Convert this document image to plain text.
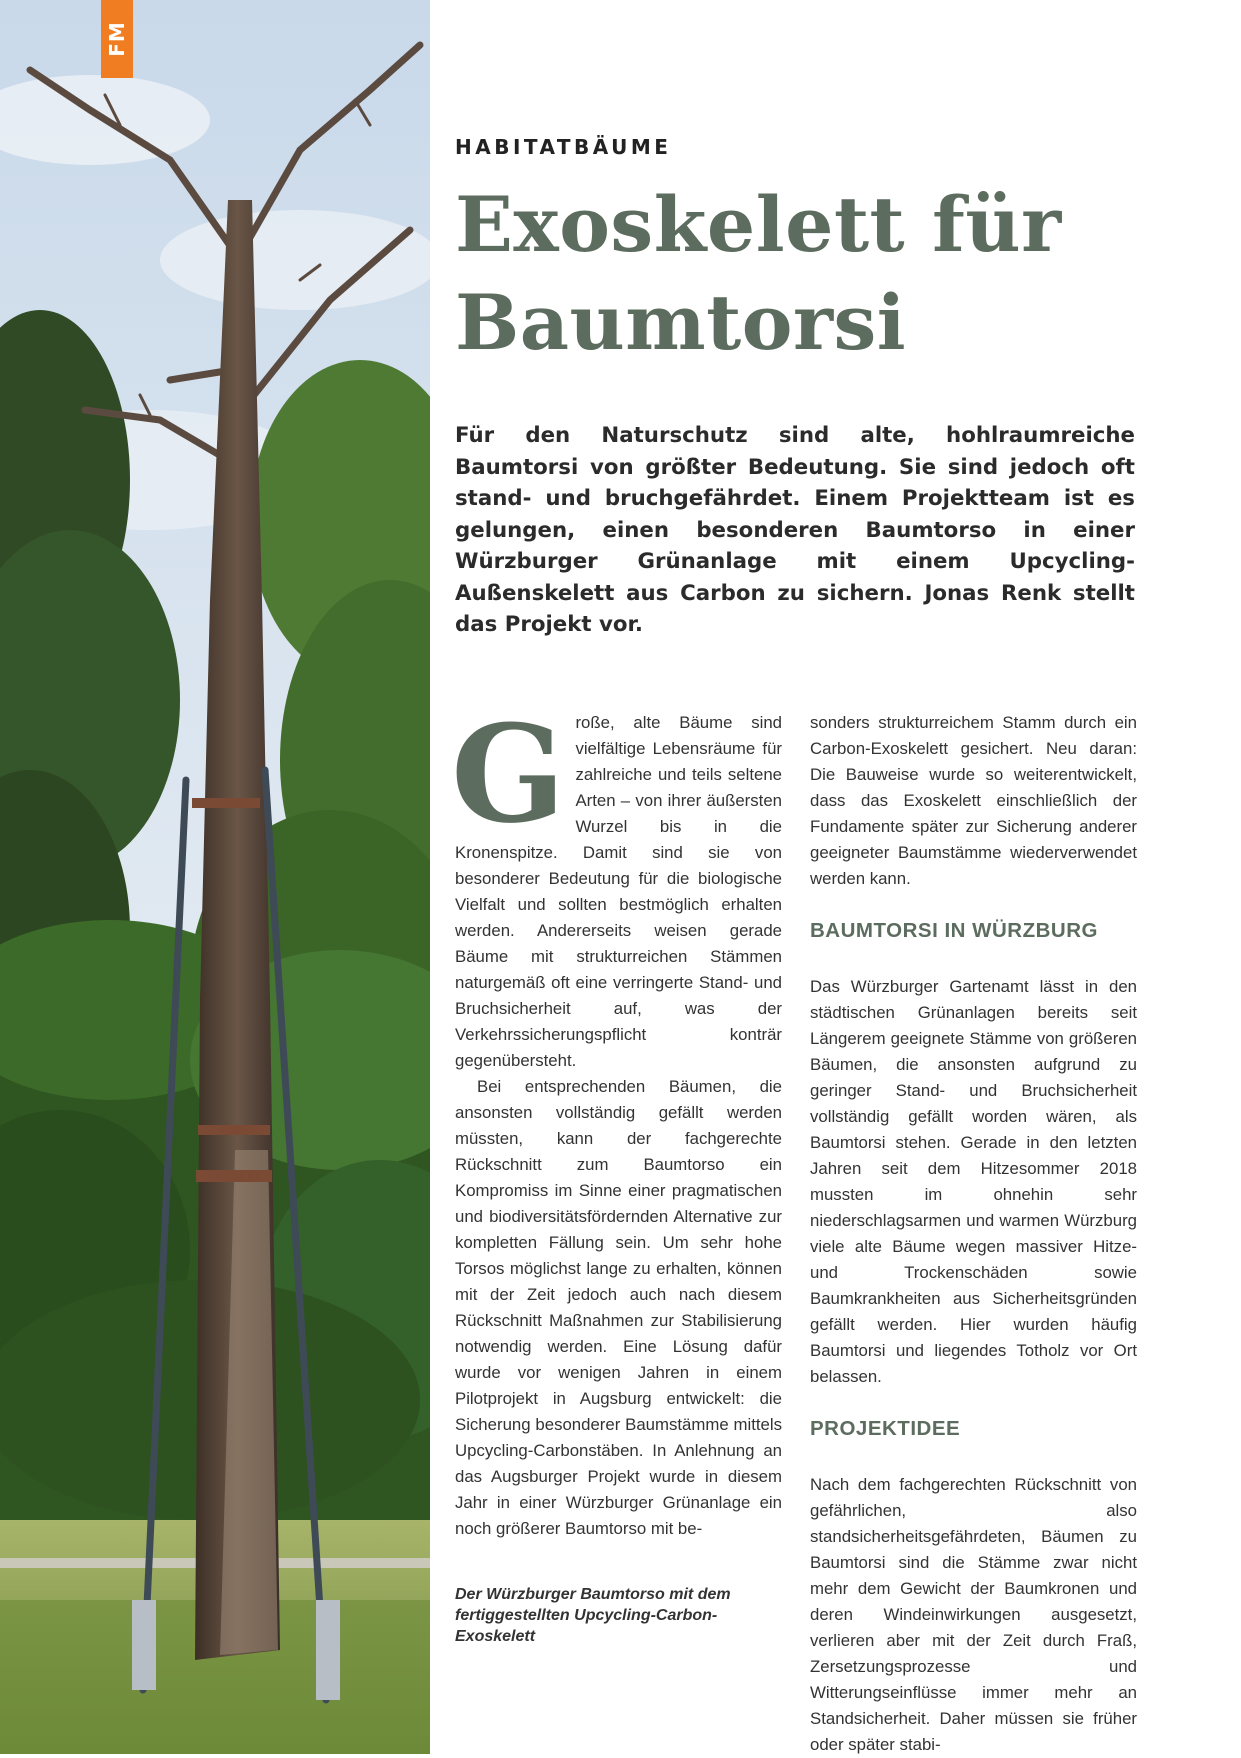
FM
HABITATBÄUME
Exoskelett für
Baumtorsi

Für den Naturschutz sind alte, hohlraumreiche Baumtorsi von größter Bedeutung. Sie sind jedoch oft stand- und bruchgefährdet. Einem Projektteam ist es gelungen, einen besonderen Baumtorso in einer Würzburger Grünanlage mit einem Upcycling-Außenskelett aus Carbon zu sichern. Jonas Renk stellt das Projekt vor.

G roße, alte Bäume sind vielfältige Lebensräume für zahlreiche und teils seltene Arten – von ihrer äußersten Wurzel bis in die Kronenspitze. Damit sind sie von besonderer Bedeutung für die biologische Vielfalt und sollten bestmöglich erhalten werden. Andererseits weisen gerade Bäume mit strukturreichen Stämmen naturgemäß oft eine verringerte Stand- und Bruchsicherheit auf, was der Verkehrssicherungspflicht konträr gegenübersteht.

Bei entsprechenden Bäumen, die ansonsten vollständig gefällt werden müssten, kann der fachgerechte Rückschnitt zum Baumtorso ein Kompromiss im Sinne einer pragmatischen und biodiversitätsfördernden Alternative zur kompletten Fällung sein. Um sehr hohe Torsos möglichst lange zu erhalten, können mit der Zeit jedoch auch nach diesem Rückschnitt Maßnahmen zur Stabilisierung notwendig werden. Eine Lösung dafür wurde vor wenigen Jahren in einem Pilotprojekt in Augsburg entwickelt: die Sicherung besonderer Baumstämme mittels Upcycling-Carbonstäben. In Anlehnung an das Augsburger Projekt wurde in diesem Jahr in einer Würzburger Grünanlage ein noch größerer Baumtorso mit be-

sonders strukturreichem Stamm durch ein Carbon-Exoskelett gesichert. Neu daran: Die Bauweise wurde so weiterentwickelt, dass das Exoskelett einschließlich der Fundamente später zur Sicherung anderer geeigneter Baumstämme wiederverwendet werden kann.

BAUMTORSI IN WÜRZBURG

Das Würzburger Gartenamt lässt in den städtischen Grünanlagen bereits seit Längerem geeignete Stämme von größeren Bäumen, die ansonsten aufgrund zu geringer Stand- und Bruchsicherheit vollständig gefällt worden wären, als Baumtorsi stehen. Gerade in den letzten Jahren seit dem Hitzesommer 2018 mussten im ohnehin sehr niederschlagsarmen und warmen Würzburg viele alte Bäume wegen massiver Hitze- und Trockenschäden sowie Baumkrankheiten aus Sicherheitsgründen gefällt werden. Hier wurden häufig Baumtorsi und liegendes Totholz vor Ort belassen.

PROJEKTIDEE

Nach dem fachgerechten Rückschnitt von gefährlichen, also standsicherheitsgefährdeten, Bäumen zu Baumtorsi sind die Stämme zwar nicht mehr dem Gewicht der Baumkronen und deren Windeinwirkungen ausgesetzt, verlieren aber mit der Zeit durch Fraß, Zersetzungsprozesse und Witterungseinflüsse immer mehr an Standsicherheit. Daher müssen sie früher oder später stabi-

Der Würzburger Baumtorso mit dem fertiggestellten Upcycling-Carbon-Exoskelett
